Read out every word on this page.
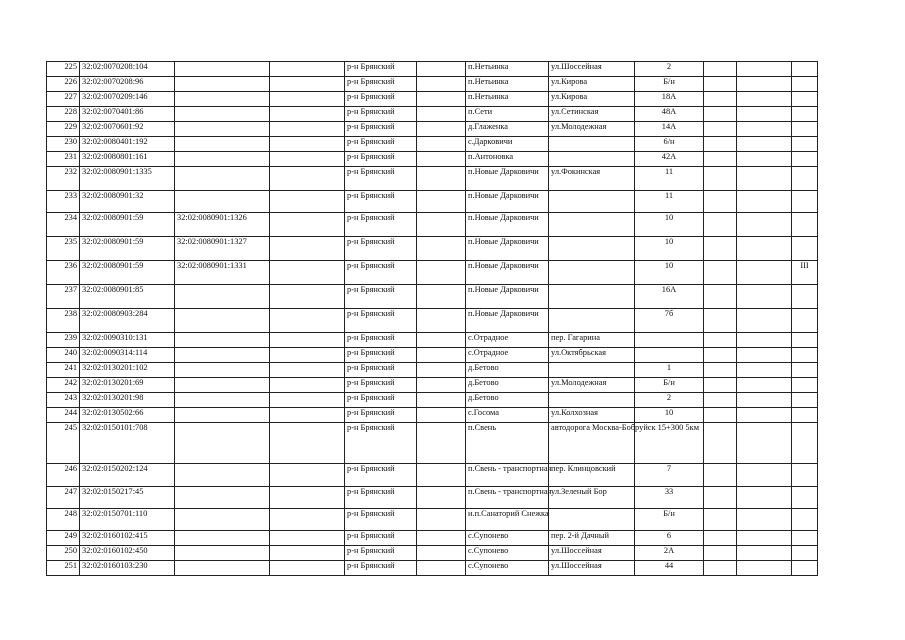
225	32:02:0070208:104			р-н Брянский		п.Нетьинка	ул.Шоссейная	2			
226	32:02:0070208:96			р-н Брянский		п.Нетьинка	ул.Кирова	Б/н			
227	32:02:0070209:146			р-н Брянский		п.Нетьинка	ул.Кирова	18А			
228	32:02:0070401:86			р-н Брянский		п.Сети	ул.Сетинская	48А			
229	32:02:0070601:92			р-н Брянский		д.Глаженка	ул.Молодежная	14А			
230	32:02:0080401:192			р-н Брянский		с.Дарковичи		6/н			
231	32:02:0080801:161			р-н Брянский		п.Антоновка		42А			
232	32:02:0080901:1335			р-н Брянский		п.Новые Дарковичи	ул.Фокинская	11			
233	32:02:0080901:32			р-н Брянский		п.Новые Дарковичи		11			
234	32:02:0080901:59	32:02:0080901:1326		р-н Брянский		п.Новые Дарковичи		10			
235	32:02:0080901:59	32:02:0080901:1327		р-н Брянский		п.Новые Дарковичи		10			
236	32:02:0080901:59	32:02:0080901:1331		р-н Брянский		п.Новые Дарковичи		10			III
237	32:02:0080901:85			р-н Брянский		п.Новые Дарковичи		16А			
238	32:02:0080903:284			р-н Брянский		п.Новые Дарковичи		7б			
239	32:02:0090310:131			р-н Брянский		с.Отрадное	пер. Гагарина				
240	32:02:0090314:114			р-н Брянский		с.Отрадное	ул.Октябрьская				
241	32:02:0130201:102			р-н Брянский		д.Бетово		1			
242	32:02:0130201:69			р-н Брянский		д.Бетово	ул.Молодежная	Б/н			
243	32:02:0130201:98			р-н Брянский		д.Бетово		2			
244	32:02:0130502:66			р-н Брянский		с.Госома	ул.Колхозная	10			
245	32:02:0150101:708			р-н Брянский		п.Свень	автодорога Москва-Бобруйск 15+300 5км				
246	32:02:0150202:124			р-н Брянский		п.Свень - транспортная	пер. Клинцовский	7			
247	32:02:0150217:45			р-н Брянский		п.Свень - транспортная	ул.Зеленый Бор	33			
248	32:02:0150701:110			р-н Брянский		и.п.Санаторий Снежка		Б/н			
249	32:02:0160102:415			р-н Брянский		с.Супонево	пер. 2-й Дачный	6			
250	32:02:0160102:450			р-н Брянский		с.Супонево	ул.Шоссейная	2А			
251	32:02:0160103:230			р-н Брянский		с.Супонево	ул.Шоссейная	44			
